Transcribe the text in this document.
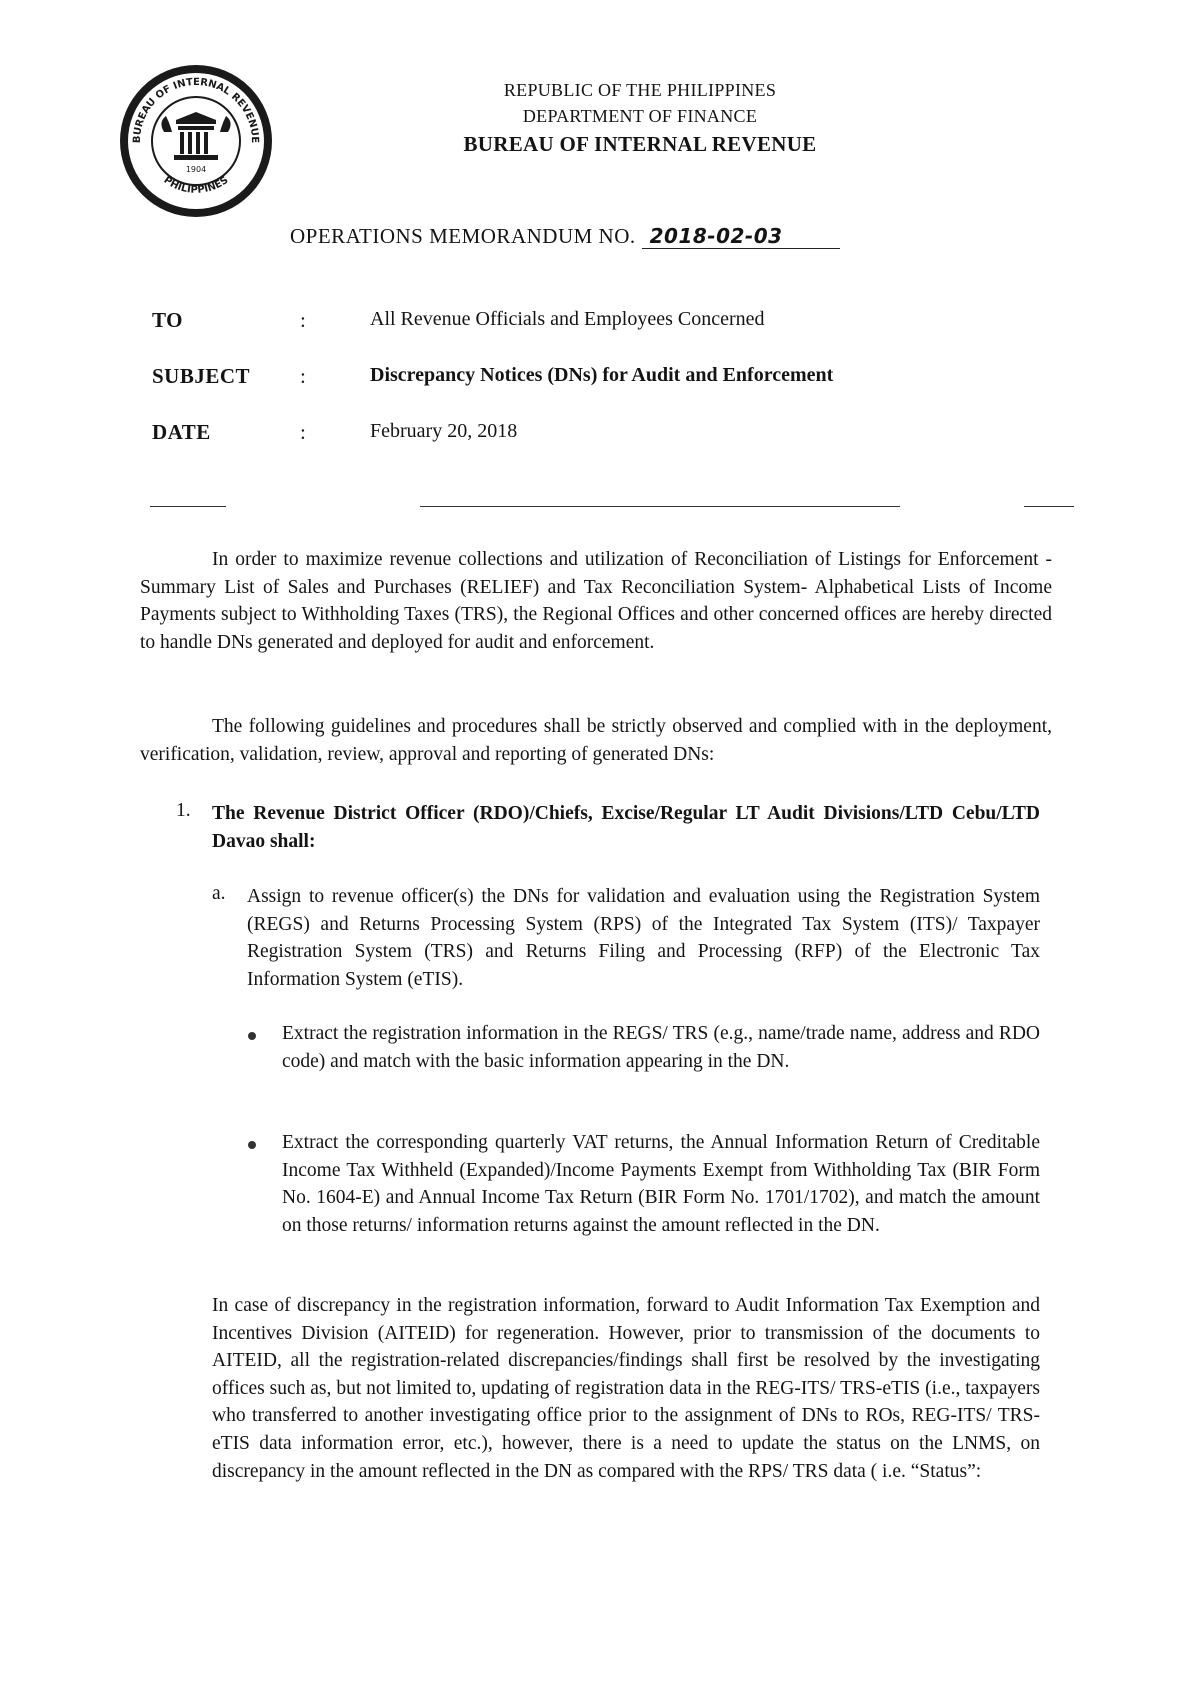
BUREAU OF INTERNAL REVENUE
PHILIPPINES
1904
REPUBLIC OF THE PHILIPPINES
DEPARTMENT OF FINANCE
BUREAU OF INTERNAL REVENUE
OPERATIONS MEMORANDUM NO. 2018-02-03
TO	:	All Revenue Officials and Employees Concerned
SUBJECT :	Discrepancy Notices (DNs) for Audit and Enforcement
DATE	:	February 20, 2018
In order to maximize revenue collections and utilization of Reconciliation of Listings for Enforcement - Summary List of Sales and Purchases (RELIEF) and Tax Reconciliation System- Alphabetical Lists of Income Payments subject to Withholding Taxes (TRS), the Regional Offices and other concerned offices are hereby directed to handle DNs generated and deployed for audit and enforcement.
The following guidelines and procedures shall be strictly observed and complied with in the deployment, verification, validation, review, approval and reporting of generated DNs:
1. The Revenue District Officer (RDO)/Chiefs, Excise/Regular LT Audit Divisions/LTD Cebu/LTD Davao shall:
a. Assign to revenue officer(s) the DNs for validation and evaluation using the Registration System (REGS) and Returns Processing System (RPS) of the Integrated Tax System (ITS)/ Taxpayer Registration System (TRS) and Returns Filing and Processing (RFP) of the Electronic Tax Information System (eTIS).
Extract the registration information in the REGS/ TRS (e.g., name/trade name, address and RDO code) and match with the basic information appearing in the DN.
Extract the corresponding quarterly VAT returns, the Annual Information Return of Creditable Income Tax Withheld (Expanded)/Income Payments Exempt from Withholding Tax (BIR Form No. 1604-E) and Annual Income Tax Return (BIR Form No. 1701/1702), and match the amount on those returns/ information returns against the amount reflected in the DN.
In case of discrepancy in the registration information, forward to Audit Information Tax Exemption and Incentives Division (AITEID) for regeneration. However, prior to transmission of the documents to AITEID, all the registration-related discrepancies/findings shall first be resolved by the investigating offices such as, but not limited to, updating of registration data in the REG-ITS/ TRS-eTIS (i.e., taxpayers who transferred to another investigating office prior to the assignment of DNs to ROs, REG-ITS/ TRS-eTIS data information error, etc.), however, there is a need to update the status on the LNMS, on discrepancy in the amount reflected in the DN as compared with the RPS/ TRS data ( i.e. “Status”:
